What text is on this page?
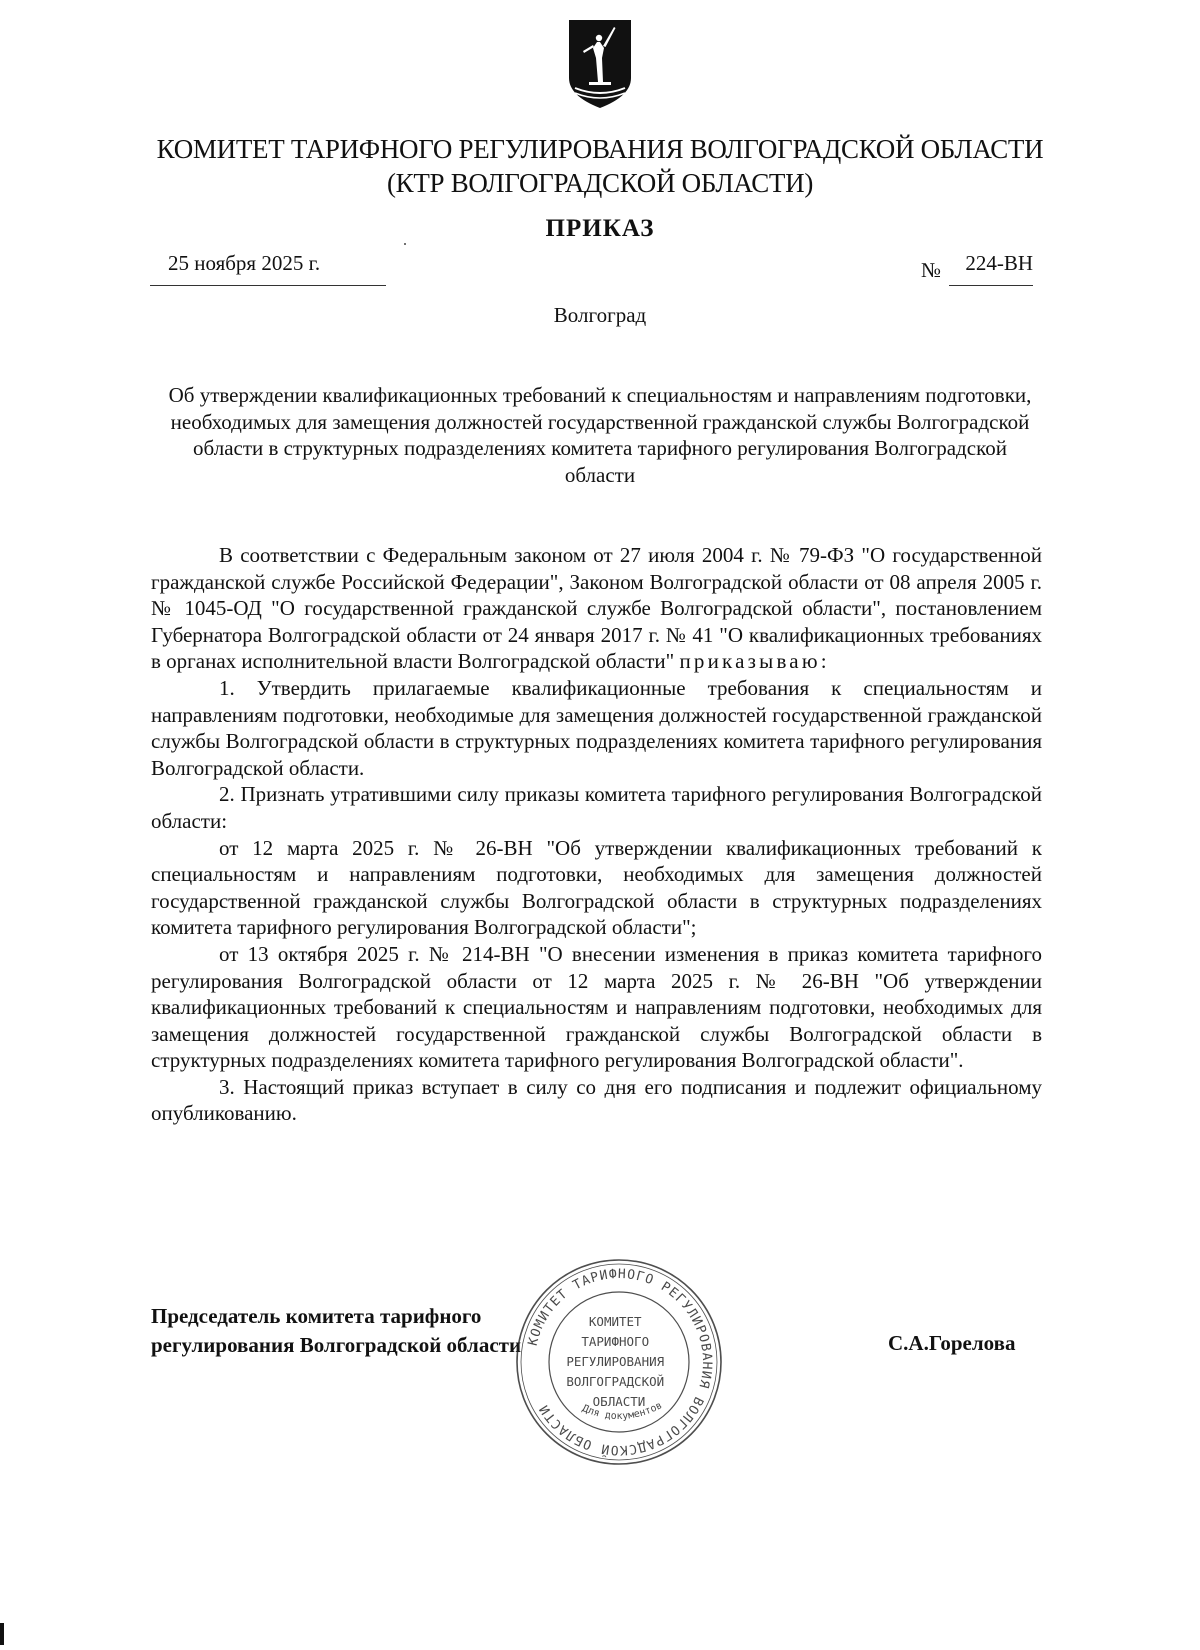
КОМИТЕТ ТАРИФНОГО РЕГУЛИРОВАНИЯ ВОЛГОГРАДСКОЙ ОБЛАСТИ
(КТР ВОЛГОГРАДСКОЙ ОБЛАСТИ)
ПРИКАЗ
25 ноября 2025 г.	№	224-ВН
Волгоград
Об утверждении квалификационных требований к специальностям и направлениям подготовки, необходимых для замещения должностей государственной гражданской службы Волгоградской области в структурных подразделениях комитета тарифного регулирования Волгоградской области

В соответствии с Федеральным законом от 27 июля 2004 г. № 79-ФЗ "О государственной гражданской службе Российской Федерации", Законом Волгоградской области от 08 апреля 2005 г. № 1045-ОД "О государственной гражданской службе Волгоградской области", постановлением Губернатора Волгоградской области от 24 января 2017 г. № 41 "О квалификационных требованиях в органах исполнительной власти Волгоградской области" приказываю:

1. Утвердить прилагаемые квалификационные требования к специальностям и направлениям подготовки, необходимые для замещения должностей государственной гражданской службы Волгоградской области в структурных подразделениях комитета тарифного регулирования Волгоградской области.

2. Признать утратившими силу приказы комитета тарифного регулирования Волгоградской области:

от 12 марта 2025 г. № 26-ВН "Об утверждении квалификационных требований к специальностям и направлениям подготовки, необходимых для замещения должностей государственной гражданской службы Волгоградской области в структурных подразделениях комитета тарифного регулирования Волгоградской области";

от 13 октября 2025 г. № 214-ВН "О внесении изменения в приказ комитета тарифного регулирования Волгоградской области от 12 марта 2025 г. № 26-ВН "Об утверждении квалификационных требований к специальностям и направлениям подготовки, необходимых для замещения должностей государственной гражданской службы Волгоградской области в структурных подразделениях комитета тарифного регулирования Волгоградской области".

3. Настоящий приказ вступает в силу со дня его подписания и подлежит официальному опубликованию.

Председатель комитета тарифного
регулирования Волгоградской области	С.А.Горелова
КОМИТЕТ ТАРИФНОГО РЕГУЛИРОВАНИЯ ВОЛГОГРАДСКОЙ ОБЛАСТИ
КОМИТЕТ ТАРИФНОГО РЕГУЛИРОВАНИЯ ВОЛГОГРАДСКОЙ ОБЛАСТИ
Для документов
